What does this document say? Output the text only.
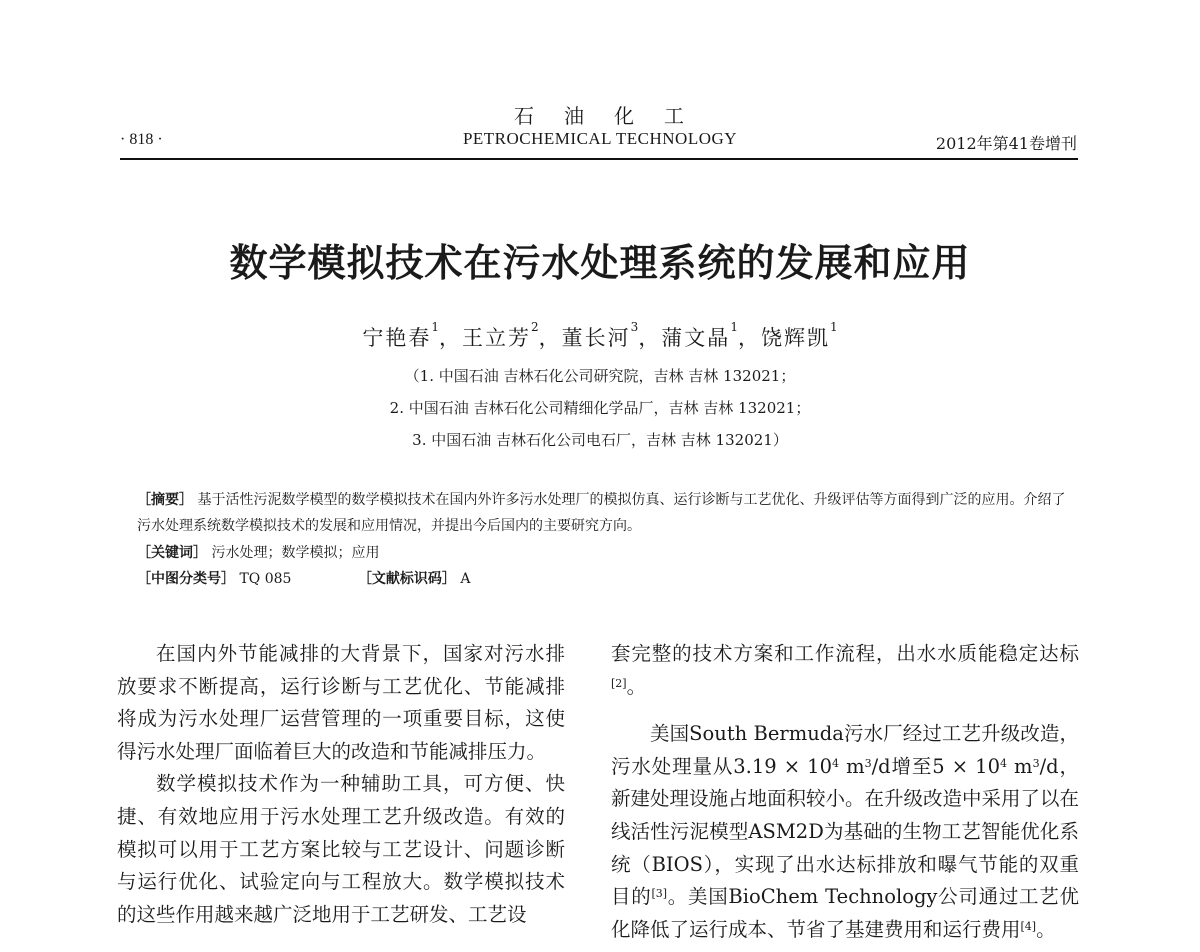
石 油 化 工
PETROCHEMICAL TECHNOLOGY
· 818 ·	2012年第41卷增刊
数学模拟技术在污水处理系统的发展和应用
宁艳春$^1$，王立芳$^2$，董长河$^3$，蒲文晶$^1$，饶辉凯$^1$
（1. 中国石油 吉林石化公司研究院，吉林 吉林 132021；
2. 中国石油 吉林石化公司精细化学品厂，吉林 吉林 132021；
3. 中国石油 吉林石化公司电石厂，吉林 吉林 132021）
［摘要］ 基于活性污泥数学模型的数学模拟技术在国内外许多污水处理厂的模拟仿真、运行诊断与工艺优化、升级评估等方面得到广泛的应用。介绍了污水处理系统数学模拟技术的发展和应用情况，并提出今后国内的主要研究方向。
［关键词］ 污水处理；数学模拟；应用
［中图分类号］ TQ 085	［文献标识码］ A

在国内外节能减排的大背景下，国家对污水排放要求不断提高，运行诊断与工艺优化、节能减排将成为污水处理厂运营管理的一项重要目标，这使得污水处理厂面临着巨大的改造和节能减排压力。

数学模拟技术作为一种辅助工具，可方便、快捷、有效地应用于污水处理工艺升级改造。有效的模拟可以用于工艺方案比较与工艺设计、问题诊断与运行优化、试验定向与工程放大。数学模拟技术的这些作用越来越广泛地用于工艺研发、工艺设

套完整的技术方案和工作流程，出水水质能稳定达标[2]。

美国South Bermuda污水厂经过工艺升级改造，污水处理量从$3.19 \times 10^4$ $m^3/d$增至$5 \times 10^4$ $m^3/d$，新建处理设施占地面积较小。在升级改造中采用了以在线活性污泥模型ASM2D为基础的生物工艺智能优化系统（BIOS），实现了出水达标排放和曝气节能的双重目的[3]。美国BioChem Technology公司通过工艺优化降低了运行成本、节省了基建费用和运行费用[4]。
